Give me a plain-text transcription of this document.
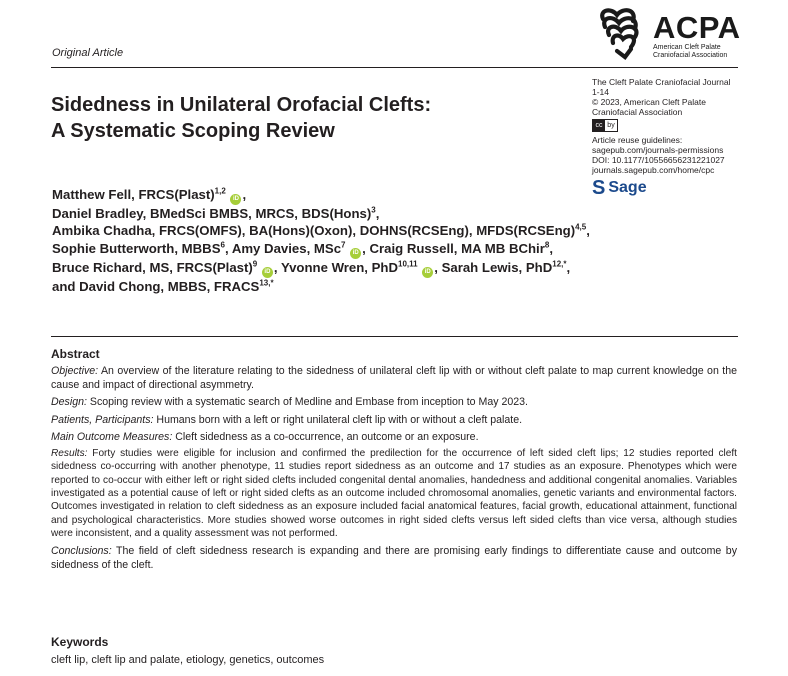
ACPA
American Cleft Palate
Craniofacial Association
Original Article
Sidedness in Unilateral Orofacial Clefts:
A Systematic Scoping Review
The Cleft Palate Craniofacial Journal
1-14
© 2023, American Cleft Palate
Craniofacial Association
cc by
Article reuse guidelines:
sagepub.com/journals-permissions
DOI: 10.1177/10556656231221027
journals.sagepub.com/home/cpc
S Sage
Matthew Fell, FRCS(Plast)$^{1,2}$ iD ,
Daniel Bradley, BMedSci BMBS, MRCS, BDS(Hons)$^3$,
Ambika Chadha, FRCS(OMFS), BA(Hons)(Oxon), DOHNS(RCSEng), MFDS(RCSEng)$^{4,5}$,
Sophie Butterworth, MBBS$^6$, Amy Davies, MSc$^7$ iD , Craig Russell, MA MB BChir$^8$,
Bruce Richard, MS, FRCS(Plast)$^9$ iD , Yvonne Wren, PhD$^{10,11}$ iD , Sarah Lewis, PhD$^{12,*}$,
and David Chong, MBBS, $FRACS^{13,*}$
Abstract

Objective: An overview of the literature relating to the sidedness of unilateral cleft lip with or without cleft palate to map current knowledge on the cause and impact of directional asymmetry.

Design: Scoping review with a systematic search of Medline and Embase from inception to May 2023.

Patients, Participants: Humans born with a left or right unilateral cleft lip with or without a cleft palate.

Main Outcome Measures: Cleft sidedness as a co-occurrence, an outcome or an exposure.

Results: Forty studies were eligible for inclusion and confirmed the predilection for the occurrence of left sided cleft lips; 12 studies reported cleft sidedness co-occurring with another phenotype, 11 studies report sidedness as an outcome and 17 studies as an exposure. Phenotypes which were reported to co-occur with either left or right sided clefts included congenital dental anomalies, handedness and additional congenital anomalies. Variables investigated as a potential cause of left or right sided clefts as an outcome included chromosomal anomalies, genetic variants and environmental factors. Outcomes investigated in relation to cleft sidedness as an exposure included facial anatomical features, facial growth, educational attainment, functional and psychological characteristics. More studies showed worse outcomes in right sided clefts versus left sided clefts than vice versa, although studies were inconsistent, and a quality assessment was not performed.

Conclusions: The field of cleft sidedness research is expanding and there are promising early findings to differentiate cause and outcome by sidedness of the cleft.

Keywords
cleft lip, cleft lip and palate, etiology, genetics, outcomes
